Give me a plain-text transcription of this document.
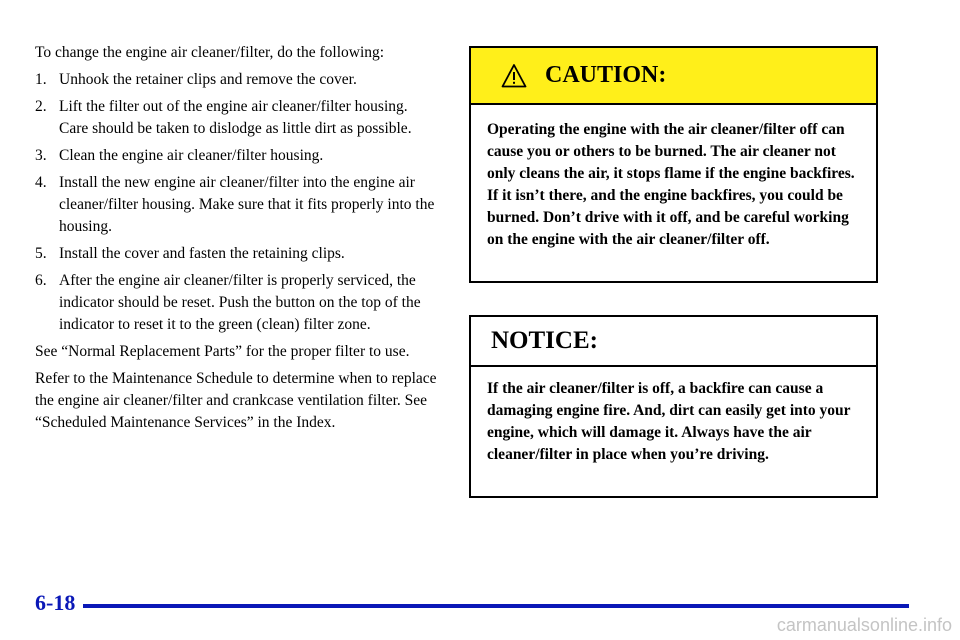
To change the engine air cleaner/filter, do the following:

1. Unhook the retainer clips and remove the cover.
2. Lift the filter out of the engine air cleaner/filter housing. Care should be taken to dislodge as little dirt as possible.
3. Clean the engine air cleaner/filter housing.
4. Install the new engine air cleaner/filter into the engine air cleaner/filter housing. Make sure that it fits properly into the housing.
5. Install the cover and fasten the retaining clips.
6. After the engine air cleaner/filter is properly serviced, the indicator should be reset. Push the button on the top of the indicator to reset it to the green (clean) filter zone.

See “Normal Replacement Parts” for the proper filter to use.

Refer to the Maintenance Schedule to determine when to replace the engine air cleaner/filter and crankcase ventilation filter. See “Scheduled Maintenance Services” in the Index.

CAUTION:
Operating the engine with the air cleaner/filter off can cause you or others to be burned. The air cleaner not only cleans the air, it stops flame if the engine backfires. If it isn’t there, and the engine backfires, you could be burned. Don’t drive with it off, and be careful working on the engine with the air cleaner/filter off.
NOTICE:
If the air cleaner/filter is off, a backfire can cause a damaging engine fire. And, dirt can easily get into your engine, which will damage it. Always have the air cleaner/filter in place when you’re driving.
6-18
carmanualsonline.info
